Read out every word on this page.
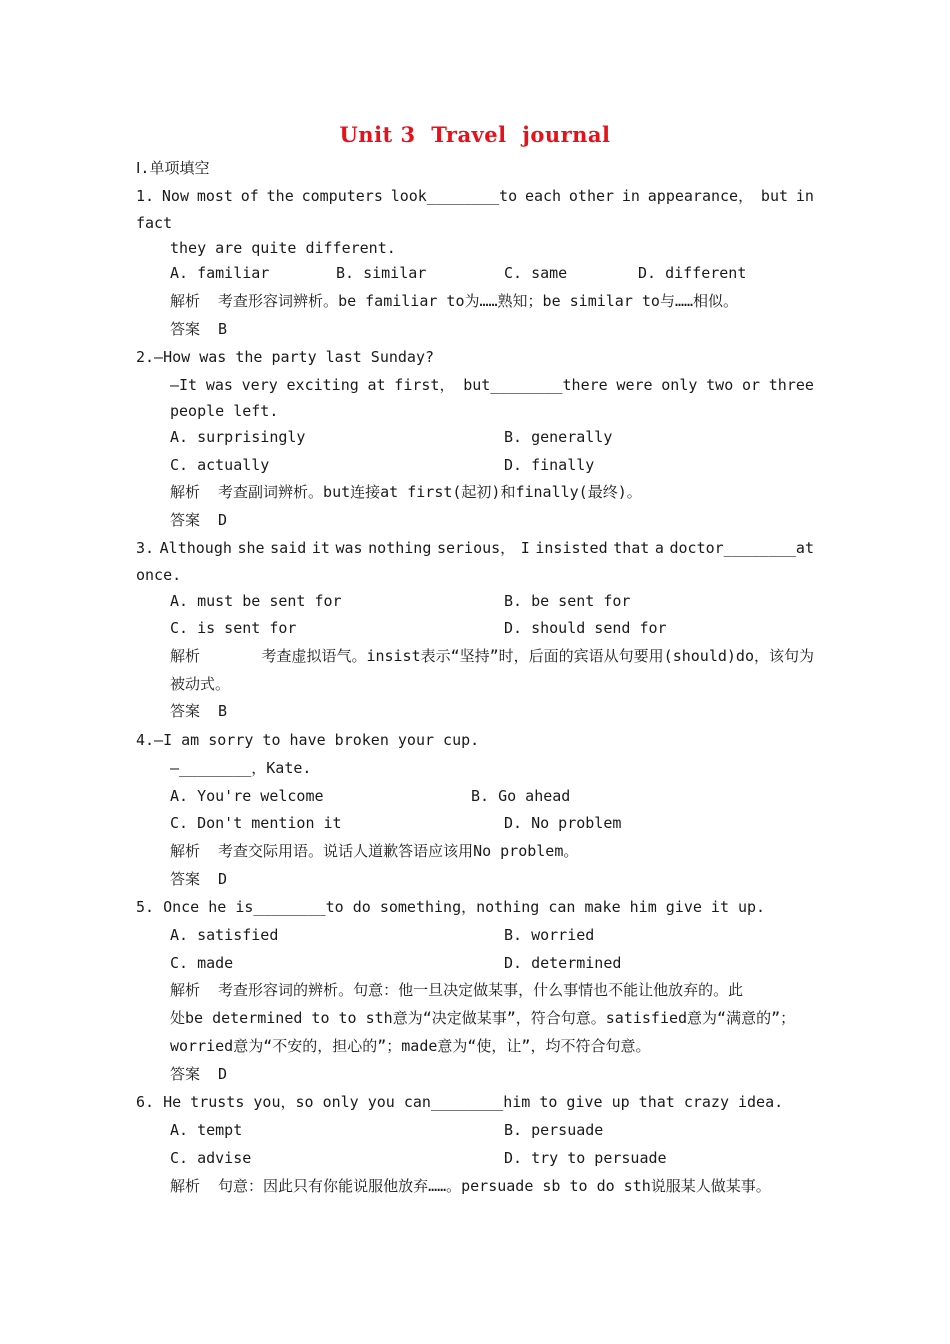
Unit 3  Travel  journal
Ⅰ.单项填空
1. Now most of the computers look________to each other in appearance， but in
fact
they are quite different.
A. familiar	B. similar	C. same	D. different
解析  考查形容词辨析。be familiar to为……熟知；be similar to与……相似。
答案  B
2.—How was the party last Sunday?
—It was very exciting at first， but________there were only two or three
people left.
A. surprisingly	B. generally
C. actually	D. finally
解析  考查副词辨析。but连接at first(起初)和finally(最终)。
答案  D
3. Although she said it was nothing serious， I insisted that a doctor________at
once.
A. must be sent for	B. be sent for
C. is sent for	D. should send for
解析	考查虚拟语气。insist表示“坚持”时，后面的宾语从句要用(should)do，该句为
被动式。
答案  B
4.—I am sorry to have broken your cup.
—________，Kate.
A. You're welcome	B. Go ahead
C. Don't mention it	D. No problem
解析  考查交际用语。说话人道歉答语应该用No problem。
答案  D
5. Once he is________to do something，nothing can make him give it up.
A. satisfied	B. worried
C. made	D. determined
解析  考查形容词的辨析。句意：他一旦决定做某事，什么事情也不能让他放弃的。此
处be determined to to sth意为“决定做某事”，符合句意。satisfied意为“满意的”；
worried意为“不安的，担心的”；made意为“使，让”，均不符合句意。
答案  D
6. He trusts you，so only you can________him to give up that crazy idea.
A. tempt	B. persuade
C. advise	D. try to persuade
解析  句意：因此只有你能说服他放弃……。persuade sb to do sth说服某人做某事。
